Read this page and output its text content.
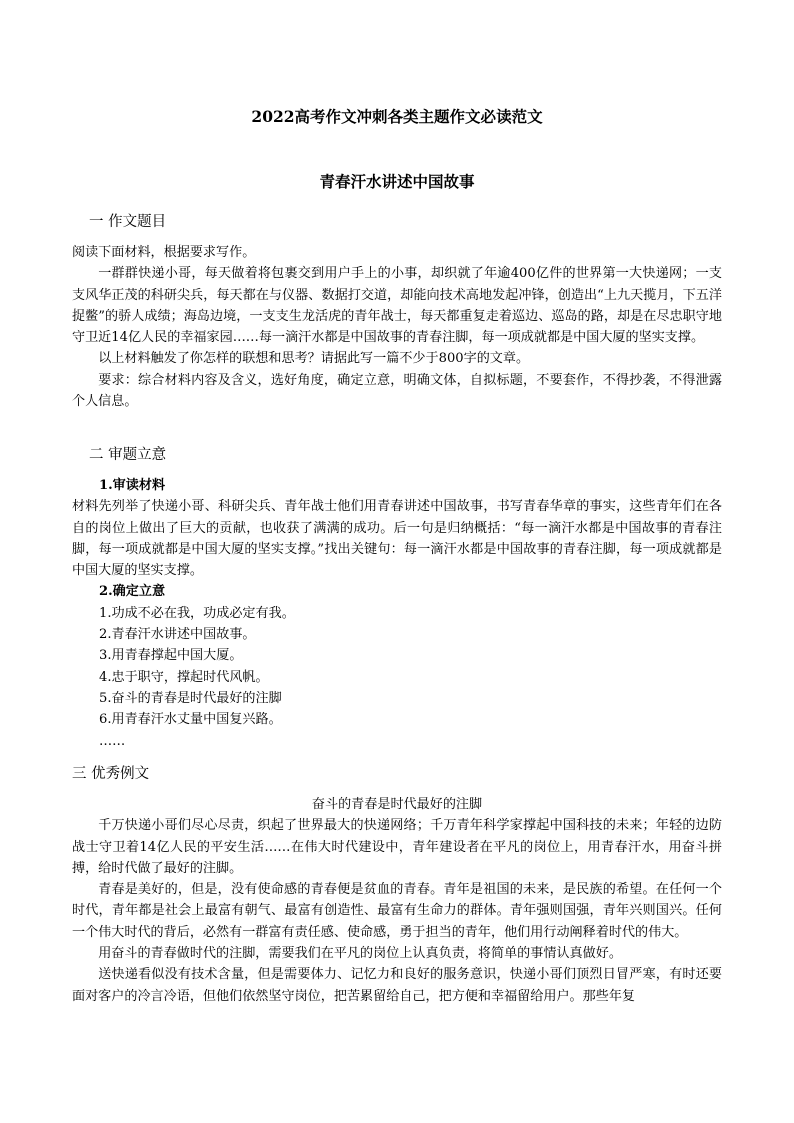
2022高考作文冲刺各类主题作文必读范文
青春汗水讲述中国故事
一 作文题目

阅读下面材料，根据要求写作。

一群群快递小哥，每天做着将包裹交到用户手上的小事，却织就了年逾400亿件的世界第一大快递网；一支支风华正茂的科研尖兵，每天都在与仪器、数据打交道，却能向技术高地发起冲锋，创造出“上九天揽月，下五洋捉鳖”的骄人成绩；海岛边境，一支支生龙活虎的青年战士，每天都重复走着巡边、巡岛的路，却是在尽忠职守地守卫近14亿人民的幸福家园……每一滴汗水都是中国故事的青春注脚，每一项成就都是中国大厦的坚实支撑。

以上材料触发了你怎样的联想和思考？请据此写一篇不少于800字的文章。

要求：综合材料内容及含义，选好角度，确定立意，明确文体，自拟标题，不要套作，不得抄袭，不得泄露个人信息。

二 审题立意

1.审读材料

材料先列举了快递小哥、科研尖兵、青年战士他们用青春讲述中国故事，书写青春华章的事实，这些青年们在各自的岗位上做出了巨大的贡献，也收获了满满的成功。后一句是归纳概括：“每一滴汗水都是中国故事的青春注脚，每一项成就都是中国大厦的坚实支撑。”找出关键句：每一滴汗水都是中国故事的青春注脚，每一项成就都是中国大厦的坚实支撑。

2.确定立意

1.功成不必在我，功成必定有我。

2.青春汗水讲述中国故事。

3.用青春撑起中国大厦。

4.忠于职守，撑起时代风帆。

5.奋斗的青春是时代最好的注脚

6.用青春汗水丈量中国复兴路。

……

三 优秀例文

奋斗的青春是时代最好的注脚

千万快递小哥们尽心尽责，织起了世界最大的快递网络；千万青年科学家撑起中国科技的未来；年轻的边防战士守卫着14亿人民的平安生活……在伟大时代建设中，青年建设者在平凡的岗位上，用青春汗水，用奋斗拼搏，给时代做了最好的注脚。

青春是美好的，但是，没有使命感的青春便是贫血的青春。青年是祖国的未来，是民族的希望。在任何一个时代，青年都是社会上最富有朝气、最富有创造性、最富有生命力的群体。青年强则国强，青年兴则国兴。任何一个伟大时代的背后，必然有一群富有责任感、使命感，勇于担当的青年，他们用行动阐释着时代的伟大。

用奋斗的青春做时代的注脚，需要我们在平凡的岗位上认真负责，将简单的事情认真做好。

送快递看似没有技术含量，但是需要体力、记忆力和良好的服务意识，快递小哥们顶烈日冒严寒，有时还要面对客户的冷言冷语，但他们依然坚守岗位，把苦累留给自己，把方便和幸福留给用户。那些年复
